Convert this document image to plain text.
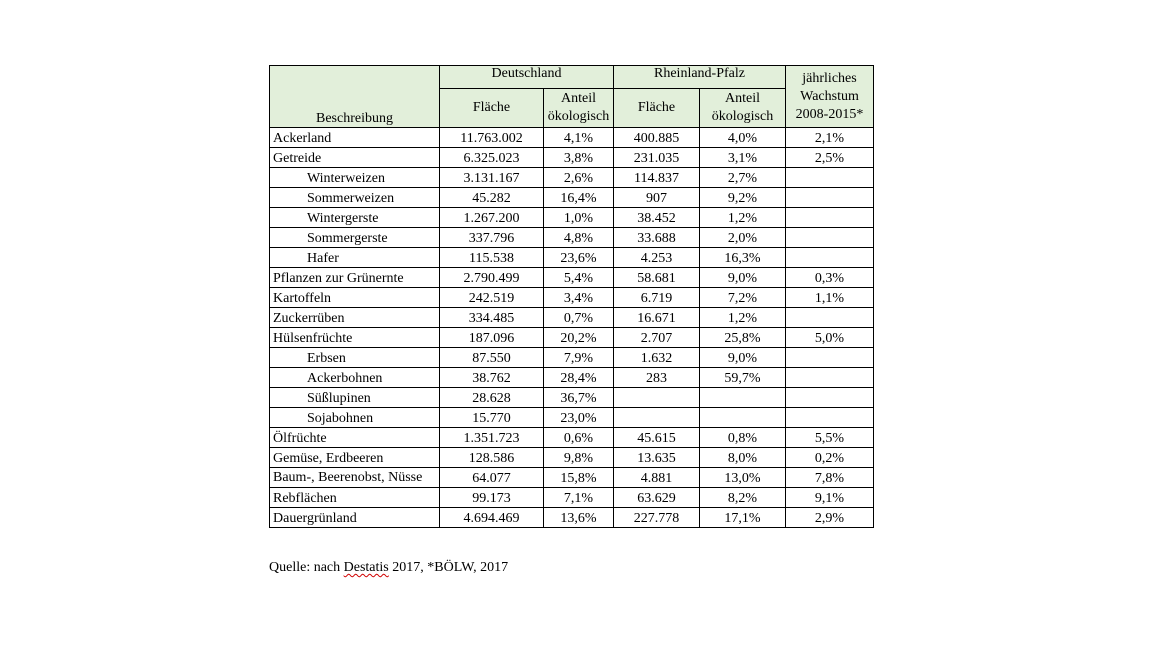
Beschreibung	Deutschland		Rheinland-Pfalz		jährliches Wachstum 2008-2015*
	Fläche	Anteil ökologisch	Fläche	Anteil ökologisch	
Ackerland	11.763.002	4,1%	400.885	4,0%	2,1%
Getreide	6.325.023	3,8%	231.035	3,1%	2,5%
Winterweizen	3.131.167	2,6%	114.837	2,7%	
Sommerweizen	45.282	16,4%	907	9,2%	
Wintergerste	1.267.200	1,0%	38.452	1,2%	
Sommergerste	337.796	4,8%	33.688	2,0%	
Hafer	115.538	23,6%	4.253	16,3%	
Pflanzen zur Grünernte	2.790.499	5,4%	58.681	9,0%	0,3%
Kartoffeln	242.519	3,4%	6.719	7,2%	1,1%
Zuckerrüben	334.485	0,7%	16.671	1,2%	
Hülsenfrüchte	187.096	20,2%	2.707	25,8%	5,0%
Erbsen	87.550	7,9%	1.632	9,0%	
Ackerbohnen	38.762	28,4%	283	59,7%	
Süßlupinen	28.628	36,7%			
Sojabohnen	15.770	23,0%			
Ölfrüchte	1.351.723	0,6%	45.615	0,8%	5,5%
Gemüse, Erdbeeren	128.586	9,8%	13.635	8,0%	0,2%
Baum-, Beerenobst, Nüsse	64.077	15,8%	4.881	13,0%	7,8%
Rebflächen	99.173	7,1%	63.629	8,2%	9,1%
Dauergrünland	4.694.469	13,6%	227.778	17,1%	2,9%
Quelle: nach Destatis 2017, *BÖLW, 2017
